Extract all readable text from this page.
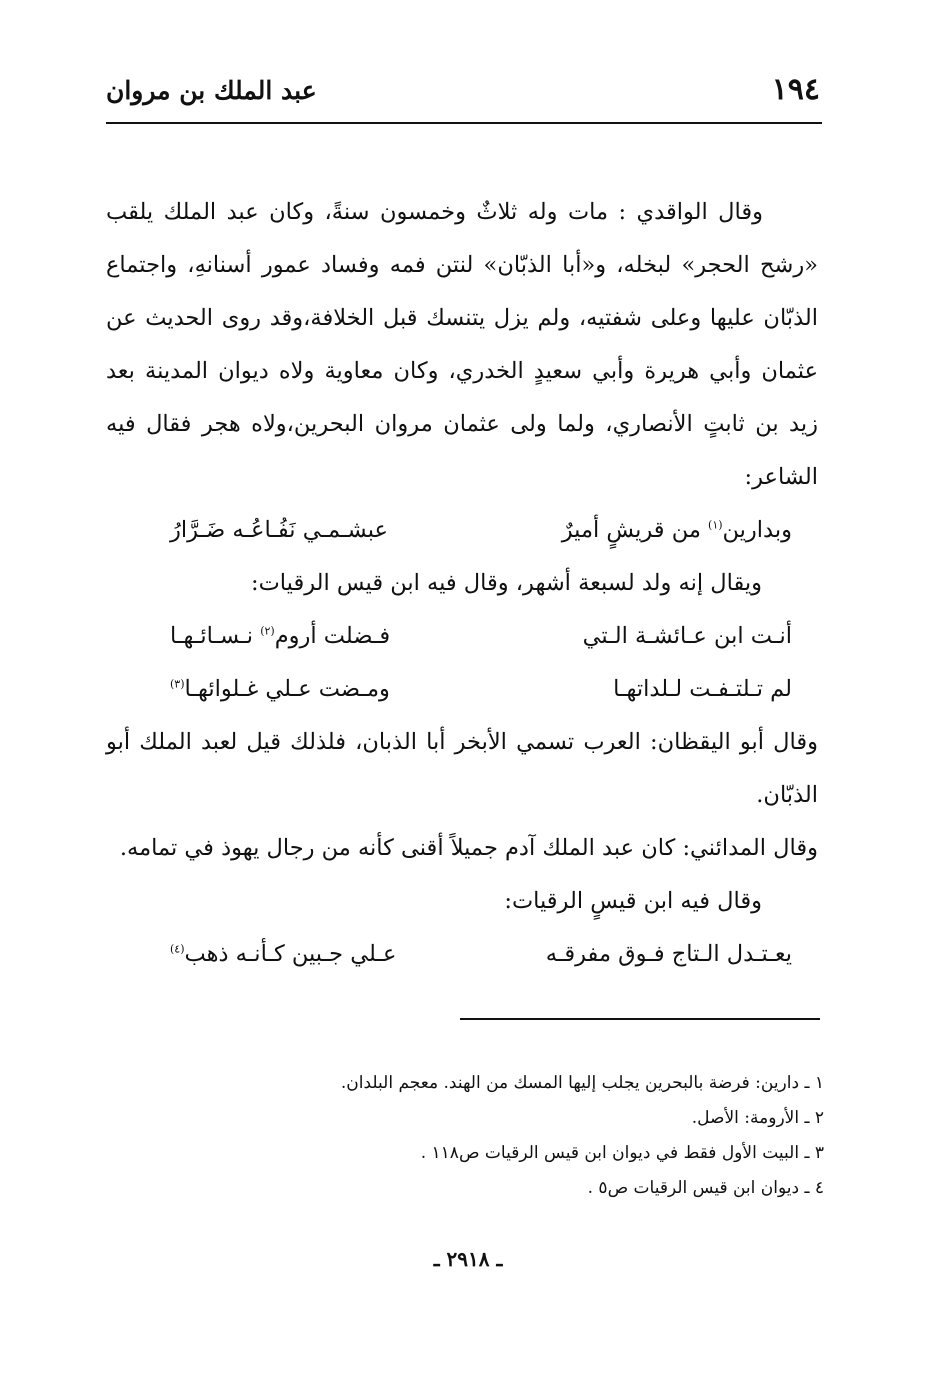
١٩٤
عبد الملك بن مروان

وقال الواقدي : مات وله ثلاثٌ وخمسون سنةً، وكان عبد الملك يلقب «رشح الحجر» لبخله، و«أبا الذبّان» لنتن فمه وفساد عمور أسنانهِ، واجتماع الذبّان عليها وعلى شفتيه، ولم يزل يتنسك قبل الخلافة،وقد روى الحديث عن عثمان وأبي هريرة وأبي سعيدٍ الخدري، وكان معاوية ولاه ديوان المدينة بعد زيد بن ثابتٍ الأنصاري، ولما ولى عثمان مروان البحرين،ولاه هجر فقال فيه الشاعر:

وبدارين$^{(١)}$ من قريشٍ أميرٌ
عبشـمـي نَفُـاعُـه ضَـرَّارُ

ويقال إنه ولد لسبعة أشهر، وقال فيه ابن قيس الرقيات:

أنـت ابن عـائشـة الـتي
فـضلت أروم$^{(٢)}$ نـسـائـهـا
لم تـلتـفـت لـلداتهـا
ومـضت عـلي غـلوائهـا$^{(٣)}$

وقال أبو اليقظان: العرب تسمي الأبخر أبا الذبان، فلذلك قيل لعبد الملك أبو الذبّان.

وقال المدائني: كان عبد الملك آدم جميلاً أقنى كأنه من رجال يهوذ في تمامه.

وقال فيه ابن قيسٍ الرقيات:

يعـتـدل الـتاج فـوق مفرقـه
عـلي جـبين كـأنـه ذهب$^{(٤)}$

١ ـ دارين: فرضة بالبحرين يجلب إليها المسك من الهند. معجم البلدان.

٢ ـ الأرومة: الأصل.

٣ ـ البيت الأول فقط في ديوان ابن قيس الرقيات ص١١٨ .

٤ ـ ديوان ابن قيس الرقيات ص٥ .

ـ ٢٩١٨ ـ
